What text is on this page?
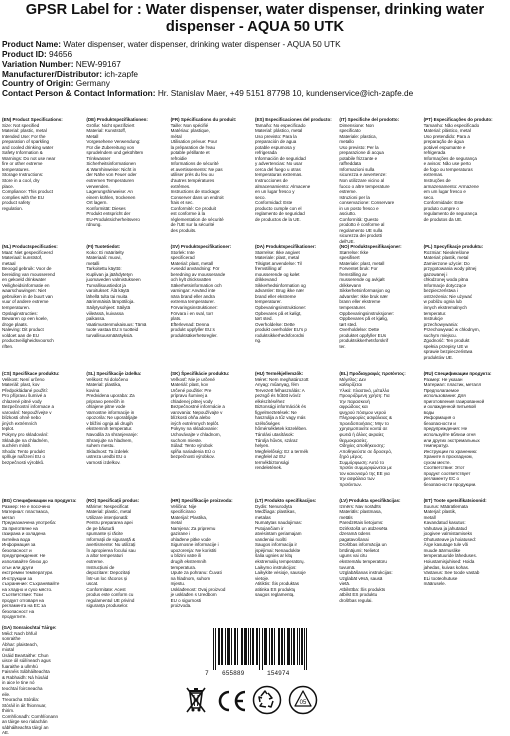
GPSR Label for : Water dispenser, water dispenser, drinking water dispenser - AQUA 50 UTK
Product Name: Water dispenser, water dispenser, drinking water dispenser - AQUA 50 UTK
Product ID: 94656
Variation Number: NEW-99167
Manufacturer/Distributor: ich-zapfe
Country of Origin: Germany
Contact Person & Contact Information: Hr. Stanislav Maer, +49 5151 87798 10, kundenservice@ich-zapfe.de

(EN) Product Specifications:

Size: Not specified

Material: plastic, metal

Intended Use: For the

preparation of sparkling

and cooled drinking water

Safety Information &

Warnings: Do not use near

fire or other extreme

temperatures.

Storage Instructions:

Store in a cool, dry

place.

Compliance: This product

complies with the EU

product safety

regulation.

(DE) Produktspezifikationen:

Größe: Nicht spezifiziert

Material: Kunststoff,

Metall

Vorgesehene Verwendung:

Für die Zubereitung von

sprudelndem und gekühltem

Trinkwasser

Sicherheitsinformationen

& Warnhinweise: Nicht in

der Nähe von Feuer oder

extremen Temperaturen

verwenden.

Lagerungshinweise: An

einem kühlen, trockenen

Ort lagern.

Konformität: Dieses

Produkt entspricht der

EU-Produktsicherheitsvero

rdnung.

(FR) Spécifications du produit:

Taille: Non spécifié

Matériau: plastique,

métal

Utilisation prévue: Pour

la préparation de l'eau

potable pétillante et

refroidie

Informations de sécurité

et avertissements: Ne pas

utiliser près du feu ou

d'autres températures

extrêmes.

Instructions de stockage:

Conserver dans un endroit

frais et sec.

Conformité: Ce produit

est conforme à la

réglementation de sécurité

de l'UE sur la sécurité

des produits.

(ES) Especificaciones del producto:

Tamaño: No especificado

Material: plástico, metal

Uso previsto: Para la

preparación de agua

potable espumosa y

refrigerada

Información de seguridad

y advertencias: No usar

cerca del fuego u otras

temperaturas extremas.

Instrucciones de

almacenamiento: Almacene

en un lugar fresco y

seco.

Conformidad: Este

producto cumple con el

reglamento de seguridad

de productos de la UE.

(IT) Specifiche del prodotto:

Dimensione: Non

specificato

Materiale: plastica,

metallo

Uso previsto: Per la

preparazione di acqua

potabile frizzante e

raffreddata

Informazioni sulla

sicurezza e avvertenze:

Non utilizzare vicino al

fuoco o altre temperature

estreme.

Istruzioni per la

conservazione: Conservare

in un posto fresco e

asciutto.

Conformità: Questo

prodotto è conforme al

regolamento UE sulla

sicurezza dei prodotti

dell'UE.

(PT) Especificações do produto:

Tamanho: Não especificado

Material: plástico, metal

Uso pretendido: Para a

preparação de água

potável espumante e

refrigerada

Informações de segurança

e avisos: Não use perto

de fogo ou temperaturas

extremas.

Instruções de

armazenamento: Armazene

em um lugar fresco e

seco.

Conformidade: Este

produto cumpre o

regulamento de segurança

de produtos da UE.

(NL) Productspecificaties:

Maat: Niet gespecificeerd

Materiaal: kunststof,

metaal

Beoogd gebruik: Voor de

bereiding van mousserend

en gekoeld drinkwater

Veiligheidsinformatie en

waarschuwingen: Niet

gebruiken in de buurt van

vuur of andere extreme

temperaturen.

Opslaginstructies:

Bewaren op een koele,

droge plaats.

Naleving: Dit product

voldoet aan de EU

productveiligheidsvoorsch

riften.

(FI) Tuotetiedot:

Koko: Ei määritelty

Materiaali: muovi,

metalli

Tarkoitettu käyttö:

Kuplivan ja jäähdytetyn

juomaveden valmistukseen

Turvallisuustiedot ja

varoitukset: Älä käytä

lähellä tulta tai muita

äärimmäisiä lämpötiloja.

Säilytysohjeet: Säilytä

viileässä, kuivassa

paikassa.

Vaatimustenmukaisuus: Tämä

tuote vastaa EU:n tuotteid

turvallisuusmääräyksiä.

(SV) Produktspecifikationer:

Storlek: Inte

specificerad

Material: plast, metall

Avsedd användning: För

beredning av mousserande

och kylt dricksvatten

Säkerhetsinformation och

varningar: Använd inte

nära brand eller andra

extrema temperaturer.

Förvaringsinstruktioner:

Förvara i en sval, torr

plats.

Efterlevnad: Denna

produkt uppfyller EU:s

produktsäkerhetsregler.

(DA) Produktspecifikationer:

Størrelse: Ikke angivet

Materiale: plast, metal

Tilsigtet anvendelse: Til

fremstilling af

mousserende og kølet

drikkevand

Sikkerhedsinformation og

advarsler: Brug ikke nær

brand eller ekstreme

temperaturer.

Opbevaringsinstruktioner:

Opbevares på et køligt,

tørt sted.

Overholdelse: Dette

produkt overholder EU's p

roduktsikkerhedsforordni

ng.

(NO) Produktspesifikasjoner:

Størrelse: Ikke

spesifisert

Materiale: plast, metall

Forventet bruk: For

fremstilling av

musserende og avkjølt

drikkevann

Sikkerhetsinformasjon og

advarsler: Ikke bruk nær

brann eller ekstreme

temperaturer.

Oppbevaringsinstruksjoner:

Oppbevares på et kjølig,

tørt sted.

Overholdelse: Dette

produktet oppfyller EUs

produktsikkerhetsforskrif

ter.

(PL) Specyfikacje produktu:

Rozmiar: Nieokreślone

Materiał: plastik, metal

Zamierzone użycie: Do

przygotowania wody pitnej

gazowanej i

chłodzonej woda pitna

Informacje dotyczące

bezpieczeństwa i

ostrzeżenia: Nie używać

w pobliżu ognia lub

innych ekstremalnych

temperatur.

Instrukcje

przechowywania:

Przechowywać w chłodnym,

suchym miejscu.

Zgodność: Ten produkt

spełnia przepisy UE w

sprawie bezpieczeństwa

produktów UE.

(CS) Specifikace produktu:

Velikost: Není určeno

Materiál: plast, kov

Předpokládané použití:

Pro přípravu šumivé a

chlazené pitné vody

Bezpečnostní informace a

varování: Nepoužívejte v

blízkosti ohně nebo

jiných extrémních

teplot.

Pokyny pro skladování:

Skladujte na chladném,

suchém místě.

Shoda: Tento produkt

splňuje nařízení EU o

bezpečnosti výrobků.

(SL) Specifikacije izdelka:

Velikost: Ni določeno

Material: plastika,

kovina

Predvidena uporaba: Za

pripravo penečih in

ohlajene pitne vode

Varnostne informacije in

opozorila: Ne uporabljajte

v bližini ognja ali drugih

ekstremnih temperatur.

Navodila za shranjevanje:

Shranjujte na hladnem,

suhem mestu.

Skladnost: Ta izdelek

ustreza uredbi EU o

varnosti izdelkov.

(SK) Špecifikácie produktu:

Veľkosť: Nie je určené

Materiál: plast, kov

Určené použitie: Pre

prípravu šumivej a

chladenej pitnej vody

Bezpečnostné informácie a

varovania: Nepoužívajte v

blízkosti ohňa alebo

iných extrémnych teplôt.

Pokyny na skladovanie:

Uchovávajte v chladnom,

suchom mieste.

Súlad: Tento výrobok

spĺňa nariadenia EÚ o

bezpečnosti výrobkov.

(HU) Termékjellemzők:

Méret: Nem meghatározott

Anyag: műanyag, fém

Tervezett felhasználás: A

pezsgő és hűtött ivóvíz

elkészítéséhez

Biztonsági információk és

figyelmeztetések: Ne

használja a tűz vagy más

szélsőséges

hőmérsékletek közelében.

Tárolási utasítások:

Tárolja hűvös, száraz

helyen.

Megfelelőség: Ez a termék

megfelel az EU

termékbiztonsági

rendeletének.

(EL) Προδιαγραφές προϊόντος:

Μέγεθος: Δεν

καθορίζεται

Υλικό: πλαστικό, μέταλλο

Προοριζόμενη χρήση: Για

την παρασκευή

αφρώδους και

ψυχρού πόσιμου νερού

Πληροφορίες ασφάλειας &

προειδοποιήσεις: Μην το

χρησιμοποιείτε κοντά σε

φωτιά ή άλλες ακραίες

θερμοκρασίες.

Οδηγίες αποθήκευσης:

Αποθηκεύστε σε δροσερό,

ξηρό μέρος.

Συμμόρφωση: Αυτό το

προϊόν συμμορφώνεται με

τον κανονισμό της ΕΕ για

την ασφάλεια των

προϊόντων.

(RU) Спецификации продукта:

Размер: Не указан

Материал: пластик, металл

Предполагаемое

использование: Для

приготовления газированной

и охлажденной питьевой

воды

Информация о

безопасности и

предупреждения: Не

используйте вблизи огня

или других экстремальных

температур.

Инструкции по хранению:

Храните в прохладном,

сухом месте.

Соответствие: Этот

продукт соответствует

регламенту ЕС о

безопасности продукции.

(BG) Спецификации на продукта:

Размер: Не е посочено

Материал: пластмаса,

метал

Предназначена употреба:

За приготвяне на

газирана и охладена

питейна вода

Информация за

безопасност и

предупреждения: Не

използвайте близо до

огън или други

екстремни температури.

Инструкции за

съхранение: Съхранявайте

на хладно и сухо място.

Съответствие: Този

продукт отговаря на

регламента на ЕС за

безопасност на

продуктите.

(RO) Specificații produs:

Mărime: Nespecificat

Material: plastic, metal

Utilizare intenționată:

Pentru prepararea apei

de pe băutură

spumante și răcite

Informații de siguranță &

avertismente: Nu utilizați

în apropierea focului sau

a altor temperaturi

extreme.

Instrucțiuni de

depozitare: Depozitați

într-un loc răcoros și

uscat.

Conformitate: Acest

produs este conform cu

regulamentul UE privind

siguranța produselor.

(HR) Specifikacije proizvoda:

Veličina: Nije

specificirano

Materijal: Plastika,

metal

Namjena: Za pripremu

gazirane i

ohlađene pitke vode

Sigurnosne informacije i

upozorenja: Ne koristiti

u blizini vatre ili

drugih ekstremnih

temperatura.

Upute za pohranu: Čuvati

na hladnom, suhom

mjestu.

Usklađenost: Ovaj proizvod

je usklađen s Uredbom

EU o sigurnosti

proizvoda.

(LT) Produkto specifikacijos:

Dydis: Nenurodyta

Medžiaga: plastikas,

metalas

Numatytas naudojimas:

Putojančiam ir

atvėsintam geriamajam

vandeniui ruošti

Saugos informacija ir

įspėjimai: Nenaudokite

šalia ugnies ar kitų

ekstremalių temperatūrų.

Laikymo instrukcijos:

Laikykite vėsioje, sausoje

vietoje.

Atitiktis: Šis produktas

atitinka ES produktų

saugos reglamentą.

(LV) Produkta specifikācijas:

Izmērs: Nav norādīts

Materiāls: plastmasa,

metāls

Paredzētais lietojums:

Dzirkstošā un atdzesēta

dzeramā ūdens

pagatavošanai

Drošības informācija un

brīdinājumi: Nelietot

uguns vai citu

ekstremālu temperatūru

tuvumā.

Uzglabāšanas instrukcijas:

Uzglabāt vēsā, sausā

vietā.

Atbilstība: Šis produkts

atbilst ES produktu

drošības regulai.

(ET) Toote spetsifikatsioonid:

Suurus: Määratlemata

Materjal: plastik,

metall

Kavandatud kasutus:

Vahutava ja jahutatud

joogivee valmistamiseks

Ohutusteave ja hoiatused:

Ärge kasutage tule või

muude äärmuslike

temperatuuride läheduses.

Hoiustamisjuhised: Hoida

jahedas, kuivas kohas.

Vastavus: See toode vastab

ELi tooteohutuse

määrusele.

(GA) Sonraíochtaí Táirge:

Méid: Nach bhfuil

sonraithe

Ábhar: plaisteach,

miotal

Úsáid Beartaithe: Chun

uisce óil súilíneach agus

fuaraithe a ullmhú

Faisnéis Sábháilteachta

& Rabhaidh: Ná húsáid

in aice le tine nó

teochtaí foircneacha

eile.

Treoracha Stórála:

Stóráil in áit fhionnuar,

thirim.

Comhlíonadh: Comhlíonann

an táirge seo rialachán

sábháilteachta táirgí an

AE.

7 655889	154974
05
